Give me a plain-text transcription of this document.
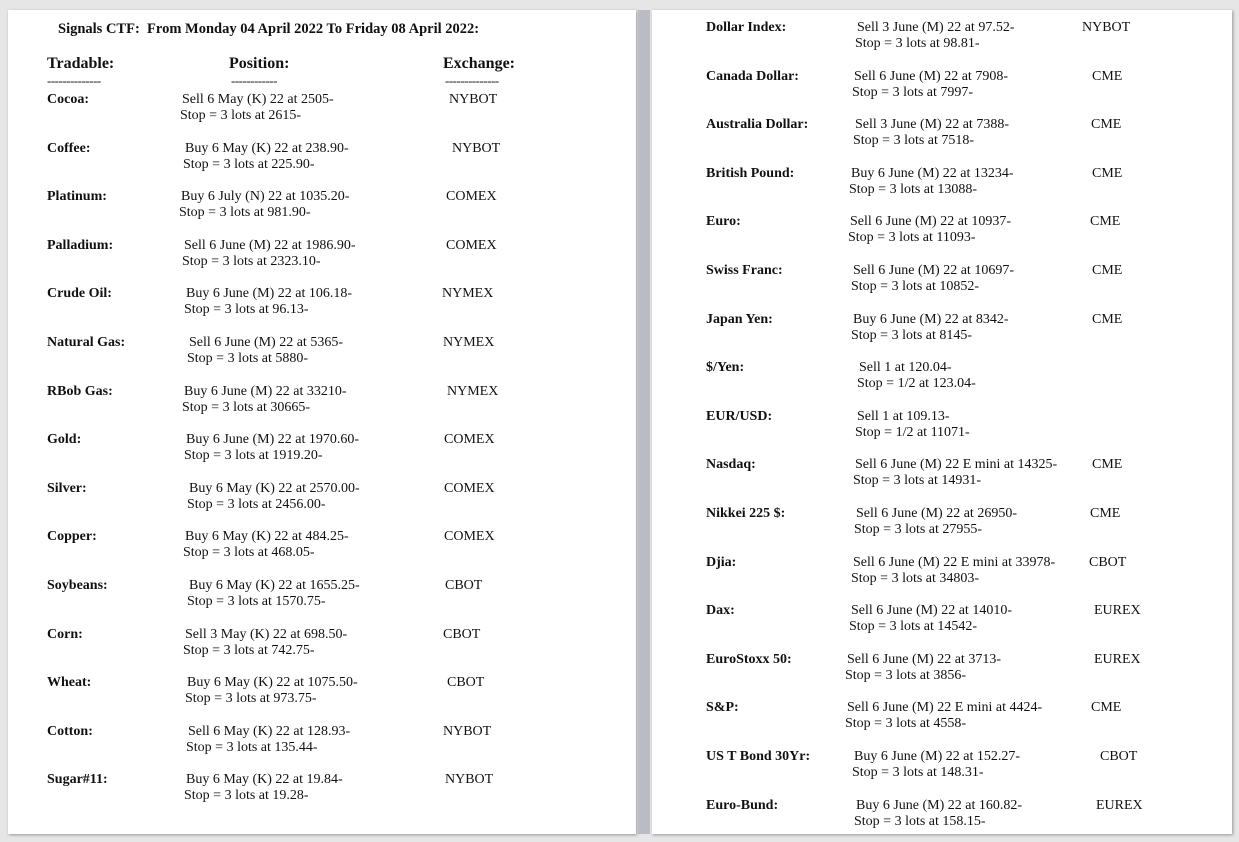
Signals CTF:  From Monday 04 April 2022 To Friday 08 April 2022:
Tradable:	Position:	Exchange:
--------------	------------	--------------
Cocoa:	Sell 6 May (K) 22 at 2505-
Stop = 3 lots at 2615-
NYBOT
Coffee:	Buy 6 May (K) 22 at 238.90-
Stop = 3 lots at 225.90-
NYBOT
Platinum:	Buy 6 July (N) 22 at 1035.20-
Stop = 3 lots at 981.90-
COMEX
Palladium:	Sell 6 June (M) 22 at 1986.90-
Stop = 3 lots at 2323.10-
COMEX
Crude Oil:	Buy 6 June (M) 22 at 106.18-
Stop = 3 lots at 96.13-
NYMEX
Natural Gas:	Sell 6 June (M) 22 at 5365-
Stop = 3 lots at 5880-
NYMEX
RBob Gas:	Buy 6 June (M) 22 at 33210-
Stop = 3 lots at 30665-
NYMEX
Gold:	Buy 6 June (M) 22 at 1970.60-
Stop = 3 lots at 1919.20-
COMEX
Silver:	Buy 6 May (K) 22 at 2570.00-
Stop = 3 lots at 2456.00-
COMEX
Copper:	Buy 6 May (K) 22 at 484.25-
Stop = 3 lots at 468.05-
COMEX
Soybeans:	Buy 6 May (K) 22 at 1655.25-
Stop = 3 lots at 1570.75-
CBOT
Corn:	Sell 3 May (K) 22 at 698.50-
Stop = 3 lots at 742.75-
CBOT
Wheat:	Buy 6 May (K) 22 at 1075.50-
Stop = 3 lots at 973.75-
CBOT
Cotton:	Sell 6 May (K) 22 at 128.93-
Stop = 3 lots at 135.44-
NYBOT
Sugar#11:	Buy 6 May (K) 22 at 19.84-
Stop = 3 lots at 19.28-
NYBOT
Dollar Index:	Sell 3 June (M) 22 at 97.52-
Stop = 3 lots at 98.81-
NYBOT
Canada Dollar:	Sell 6 June (M) 22 at 7908-
Stop = 3 lots at 7997-
CME
Australia Dollar:	Sell 3 June (M) 22 at 7388-
Stop = 3 lots at 7518-
CME
British Pound:	Buy 6 June (M) 22 at 13234-
Stop = 3 lots at 13088-
CME
Euro:	Sell 6 June (M) 22 at 10937-
Stop = 3 lots at 11093-
CME
Swiss Franc:	Sell 6 June (M) 22 at 10697-
Stop = 3 lots at 10852-
CME
Japan Yen:	Buy 6 June (M) 22 at 8342-
Stop = 3 lots at 8145-
CME
$/Yen:	Sell 1 at 120.04-
Stop = 1/2 at 123.04-
EUR/USD:	Sell 1 at 109.13-
Stop = 1/2 at 11071-
Nasdaq:	Sell 6 June (M) 22 E mini at 14325-
Stop = 3 lots at 14931-
CME
Nikkei 225 $:	Sell 6 June (M) 22 at 26950-
Stop = 3 lots at 27955-
CME
Djia:	Sell 6 June (M) 22 E mini at 33978-
Stop = 3 lots at 34803-
CBOT
Dax:	Sell 6 June (M) 22 at 14010-
Stop = 3 lots at 14542-
EUREX
EuroStoxx 50:	Sell 6 June (M) 22 at 3713-
Stop = 3 lots at 3856-
EUREX
S&P:	Sell 6 June (M) 22 E mini at 4424-
Stop = 3 lots at 4558-
CME
US T Bond 30Yr:	Buy 6 June (M) 22 at 152.27-
Stop = 3 lots at 148.31-
CBOT
Euro-Bund:	Buy 6 June (M) 22 at 160.82-
Stop = 3 lots at 158.15-
EUREX
